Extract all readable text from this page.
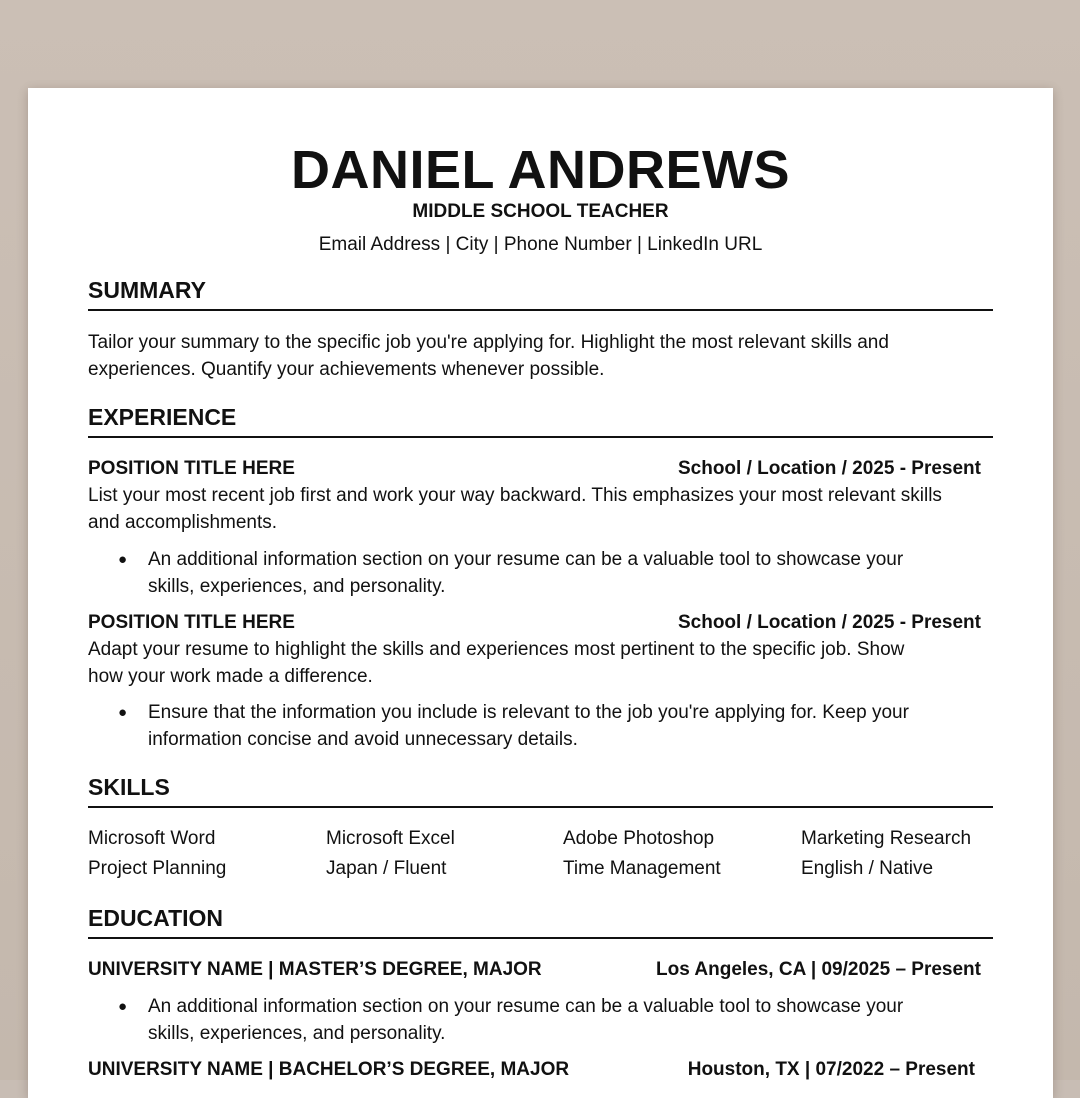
DANIEL ANDREWS
MIDDLE SCHOOL TEACHER
Email Address | City | Phone Number | LinkedIn URL
SUMMARY
Tailor your summary to the specific job you're applying for. Highlight the most relevant skills and
experiences. Quantify your achievements whenever possible.
EXPERIENCE
POSITION TITLE HERE	School / Location / 2025 - Present
List your most recent job first and work your way backward. This emphasizes your most relevant skills
and accomplishments.
● An additional information section on your resume can be a valuable tool to showcase your
skills, experiences, and personality.
POSITION TITLE HERE	School / Location / 2025 - Present
Adapt your resume to highlight the skills and experiences most pertinent to the specific job. Show
how your work made a difference.
● Ensure that the information you include is relevant to the job you're applying for. Keep your
information concise and avoid unnecessary details.
SKILLS
Microsoft Word	Microsoft Excel	Adobe Photoshop	Marketing Research
Project Planning	Japan / Fluent	Time Management	English / Native
EDUCATION
UNIVERSITY NAME | MASTER’S DEGREE, MAJOR	Los Angeles, CA | 09/2025 – Present
● An additional information section on your resume can be a valuable tool to showcase your
skills, experiences, and personality.
UNIVERSITY NAME | BACHELOR’S DEGREE, MAJOR	Houston, TX | 07/2022 – Present
